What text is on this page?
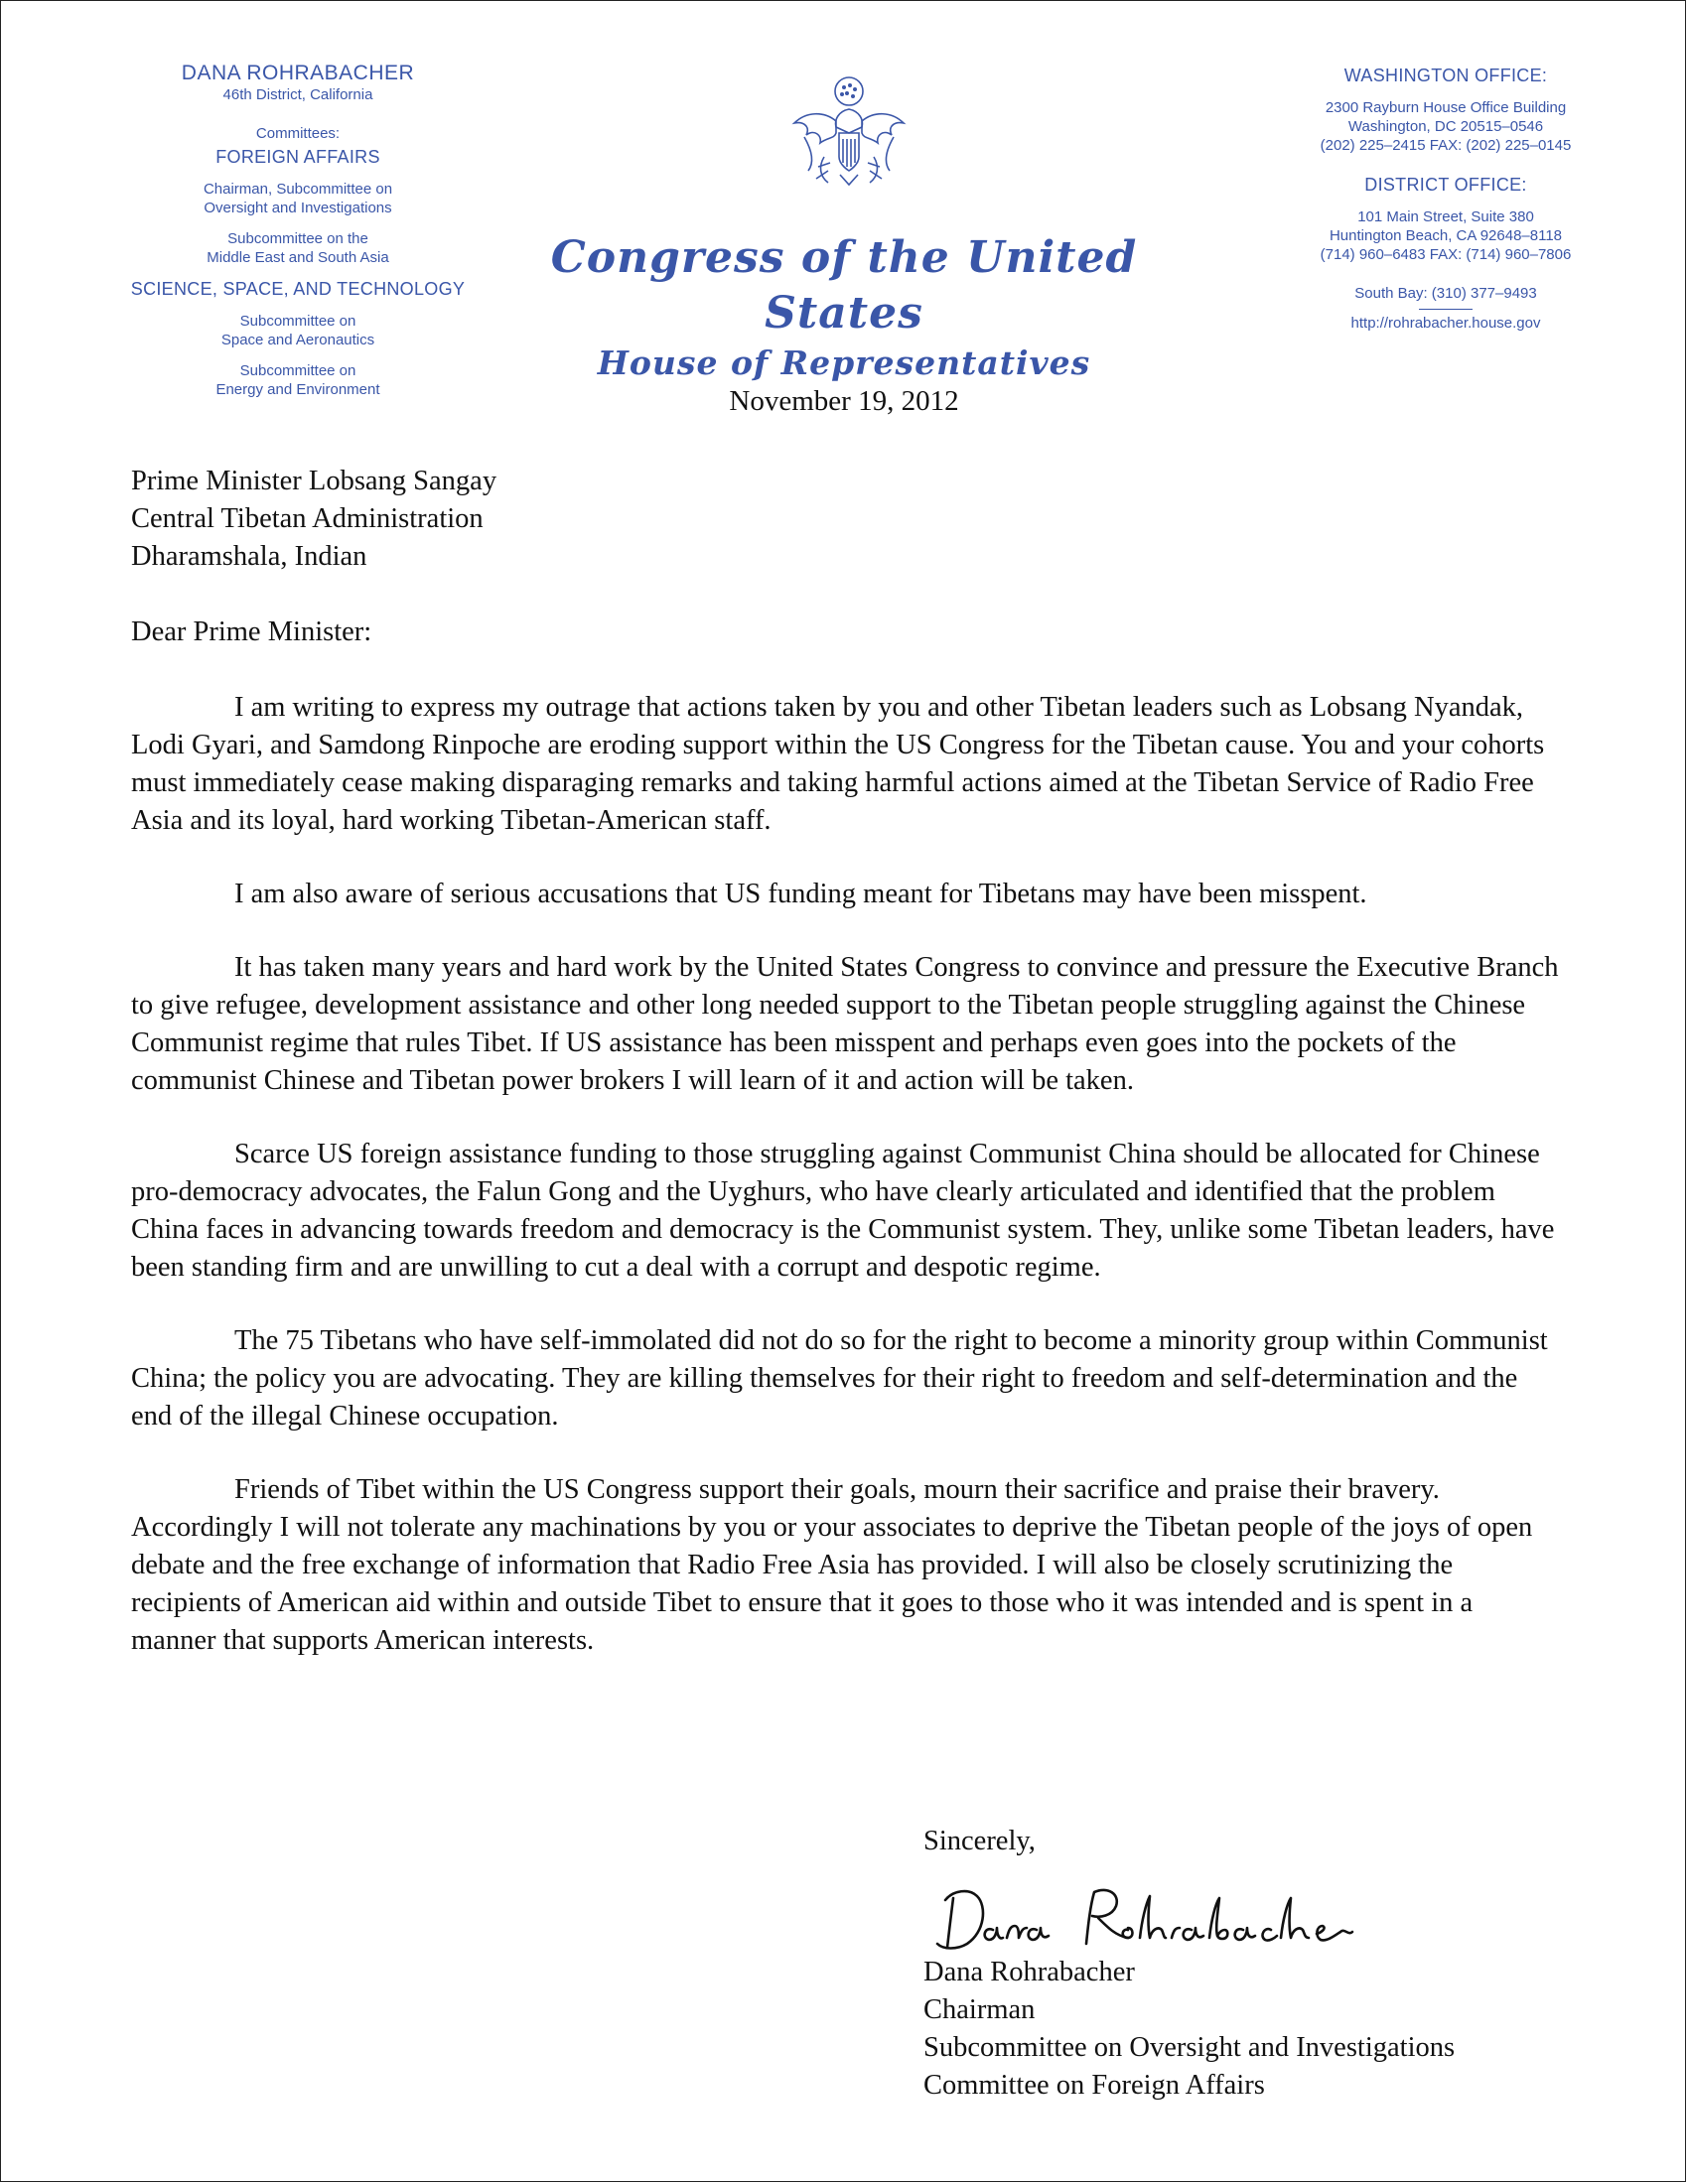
DANA ROHRABACHER
46th District, California
Committees:
FOREIGN AFFAIRS
Chairman, Subcommittee on
Oversight and Investigations
Subcommittee on the
Middle East and South Asia
SCIENCE, SPACE, AND TECHNOLOGY
Subcommittee on
Space and Aeronautics
Subcommittee on
Energy and Environment
Congress of the United States
House of Representatives
WASHINGTON OFFICE:
2300 Rayburn House Office Building
Washington, DC 20515–0546
(202) 225–2415 FAX: (202) 225–0145
DISTRICT OFFICE:
101 Main Street, Suite 380
Huntington Beach, CA 92648–8118
(714) 960–6483 FAX: (714) 960–7806
South Bay: (310) 377–9493
http://rohrabacher.house.gov
November 19, 2012
Prime Minister Lobsang Sangay
Central Tibetan Administration
Dharamshala, Indian
Dear Prime Minister:

I am writing to express my outrage that actions taken by you and other Tibetan leaders such as Lobsang Nyandak, Lodi Gyari, and Samdong Rinpoche are eroding support within the US Congress for the Tibetan cause. You and your cohorts must immediately cease making disparaging remarks and taking harmful actions aimed at the Tibetan Service of Radio Free Asia and its loyal, hard working Tibetan-American staff.

I am also aware of serious accusations that US funding meant for Tibetans may have been misspent.

It has taken many years and hard work by the United States Congress to convince and pressure the Executive Branch to give refugee, development assistance and other long needed support to the Tibetan people struggling against the Chinese Communist regime that rules Tibet. If US assistance has been misspent and perhaps even goes into the pockets of the communist Chinese and Tibetan power brokers I will learn of it and action will be taken.

Scarce US foreign assistance funding to those struggling against Communist China should be allocated for Chinese pro-democracy advocates, the Falun Gong and the Uyghurs, who have clearly articulated and identified that the problem China faces in advancing towards freedom and democracy is the Communist system. They, unlike some Tibetan leaders, have been standing firm and are unwilling to cut a deal with a corrupt and despotic regime.

The 75 Tibetans who have self-immolated did not do so for the right to become a minority group within Communist China; the policy you are advocating. They are killing themselves for their right to freedom and self-determination and the end of the illegal Chinese occupation.

Friends of Tibet within the US Congress support their goals, mourn their sacrifice and praise their bravery. Accordingly I will not tolerate any machinations by you or your associates to deprive the Tibetan people of the joys of open debate and the free exchange of information that Radio Free Asia has provided. I will also be closely scrutinizing the recipients of American aid within and outside Tibet to ensure that it goes to those who it was intended and is spent in a manner that supports American interests.

Sincerely,
Dana Rohrabacher
Chairman
Subcommittee on Oversight and Investigations
Committee on Foreign Affairs
